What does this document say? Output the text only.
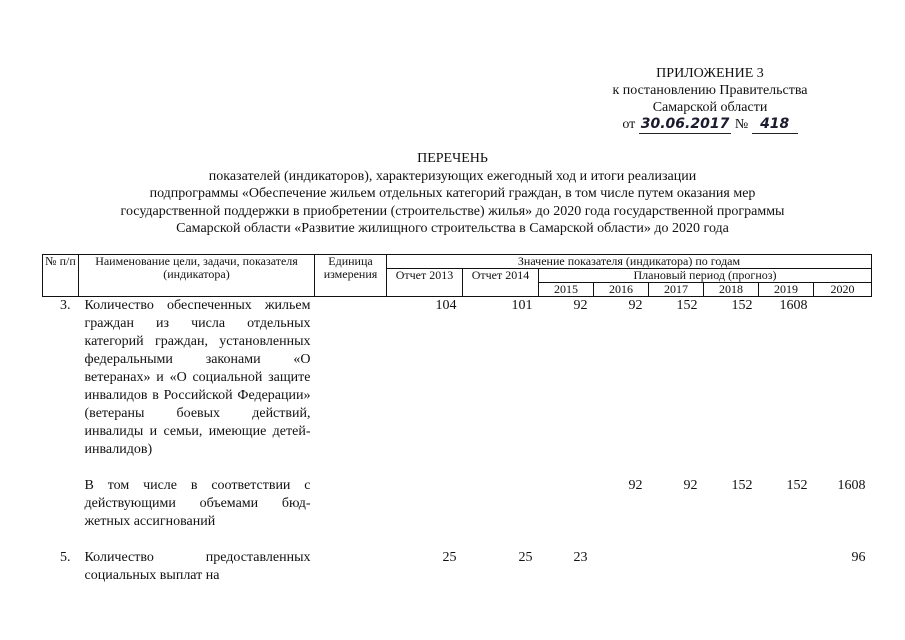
ПРИЛОЖЕНИЕ 3
к постановлению Правительства
Самарской области
от 30.06.2017 № 418
ПЕРЕЧЕНЬ
показателей (индикаторов), характеризующих ежегодный ход и итоги реализации
подпрограммы «Обеспечение жильем отдельных категорий граждан, в том числе путем оказания мер
государственной поддержки в приобретении (строительстве) жилья» до 2020 года государственной программы
Самарской области «Развитие жилищного строительства в Самарской области» до 2020 года
№ п/п	Наименование цели, задачи, показателя (индикатора)	Единица измерения	Значение показателя (индикатора) по годам							
			Отчет 2013	Отчет 2014	Плановый период (прогноз)					
					2015	2016	2017	2018	2019	2020
3.	Количество обеспеченных жильем граждан из числа отдельных категорий граждан, установленных федеральными законами «О ветеранах» и «О социальной защите инвалидов в Российской Федерации» (ветераны боевых действий, инвалиды и семьи, имеющие детей-инвалидов)		104	101	92	92	152	152	1608	

	В том числе в соответствии с действующими объемами бюд-жетных ассигнований					92	92	152	152	1608

5.	Количество предоставленных социальных выплат на		25	25	23					96
